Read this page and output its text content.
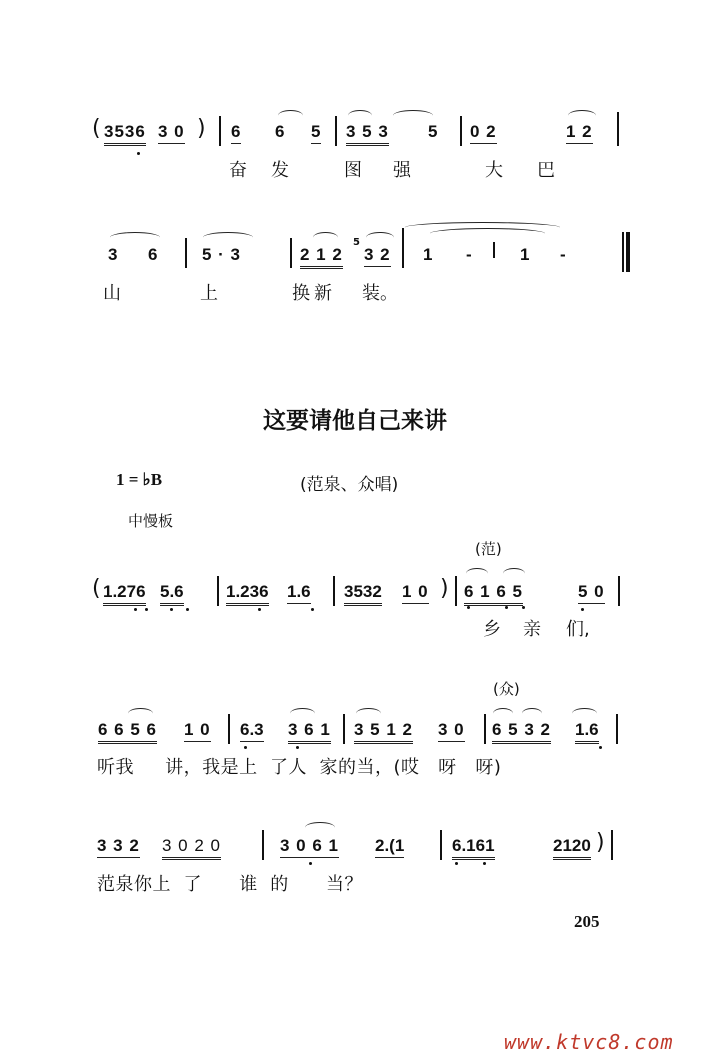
( 3536 3 0 ) 6 6 5 3 5 3 5 0 2	1 2
奋 发	图 强	大 巴
3 6	5 · 3	2 1 2
5
3 2 1 -	1 -
山	上	换新 装。
这要请他自己来讲
1 = ♭B	(范泉、众唱)
中慢板
(范)
( 1.276 5.6 1.236 1.6 3532 1 0 ) 6 1 6 5	5 0
乡 亲 们,
(众)
6 6 5 6 1 0 6.3 3 6 1 3 5 1 2 3 0 6 5 3 2 1.6
听我     讲，我是上  了人  家的当，(哎   呀   呀)
3 3 2 3 0 2 0	3 0 6 1 2.(1	6.161	2120 )
范泉你上  了      谁  的      当？
205
www.ktvc8.com
